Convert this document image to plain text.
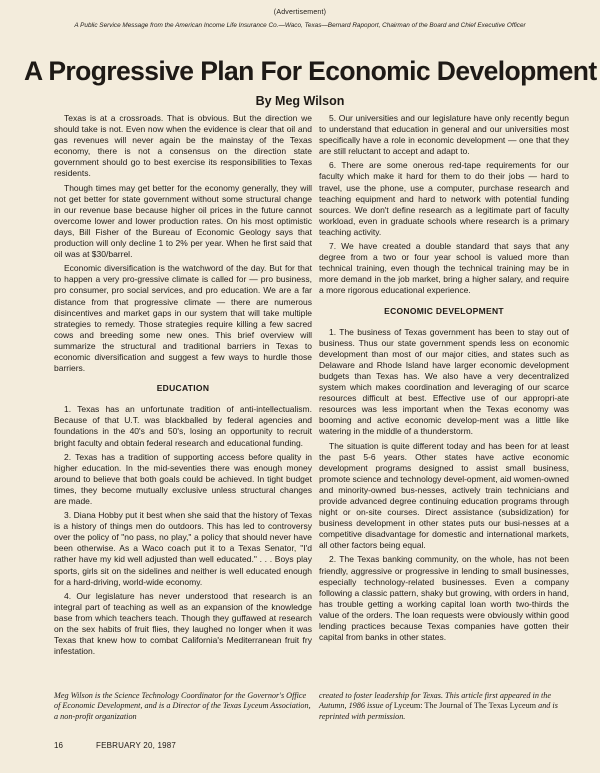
(Advertisement)
A Public Service Message from the American Income Life Insurance Co.—Waco, Texas—Bernard Rapoport, Chairman of the Board and Chief Executive Officer
A Progressive Plan For Economic Development
By Meg Wilson

Texas is at a crossroads. That is obvious. But the direction we should take is not. Even now when the evidence is clear that oil and gas revenues will never again be the mainstay of the Texas economy, there is not a consensus on the direction state government should go to best exercise its responsibilities to Texas residents.

Though times may get better for the economy generally, they will not get better for state government without some structural change in our revenue base because higher oil prices in the future cannot overcome lower and lower production rates. On his most optimistic days, Bill Fisher of the Bureau of Economic Geology says that production will only decline 1 to 2% per year. When he first said that oil was at $30/barrel.

Economic diversification is the watchword of the day. But for that to happen a very pro-gressive climate is called for — pro business, pro consumer, pro social services, and pro education. We are a far distance from that progressive climate — there are numerous disincentives and market gaps in our system that will take multiple strategies to remedy. Those strategies require killing a few sacred cows and breeding some new ones. This brief overview will summarize the structural and traditional barriers in Texas to economic diversification and suggest a few ways to hurdle those barriers.

EDUCATION

1. Texas has an unfortunate tradition of anti-intellectualism. Because of that U.T. was blackballed by federal agencies and foundations in the 40's and 50's, losing an opportunity to recruit bright faculty and obtain federal research and educational funding.

2. Texas has a tradition of supporting access before quality in higher education. In the mid-seventies there was enough money around to believe that both goals could be achieved. In tight budget times, they become mutually exclusive unless structural changes are made.

3. Diana Hobby put it best when she said that the history of Texas is a history of things men do outdoors. This has led to controversy over the policy of "no pass, no play," a policy that should never have been otherwise. As a Waco coach put it to a Texas Senator, "I'd rather have my kid well adjusted than well educated." . . . Boys play sports, girls sit on the sidelines and neither is well educated enough for a hard-driving, world-wide economy.

4. Our legislature has never understood that research is an integral part of teaching as well as an expansion of the knowledge base from which teachers teach. Though they guffawed at research on the sex habits of fruit flies, they laughed no longer when it was Texas that knew how to combat California's Mediterranean fruit fry infestation.

5. Our universities and our legislature have only recently begun to understand that education in general and our universities most specifically have a role in economic development — one that they are still reluctant to accept and adapt to.

6. There are some onerous red-tape requirements for our faculty which make it hard for them to do their jobs — hard to travel, use the phone, use a computer, purchase research and teaching equipment and hard to network with potential funding sources. We don't define research as a legitimate part of faculty workload, even in graduate schools where research is a primary teaching activity.

7. We have created a double standard that says that any degree from a two or four year school is valued more than technical training, even though the technical training may be in more demand in the job market, bring a higher salary, and require a more rigorous educational experience.

ECONOMIC DEVELOPMENT

1. The business of Texas government has been to stay out of business. Thus our state government spends less on economic development than most of our major cities, and states such as Delaware and Rhode Island have larger economic development budgets than Texas has. We also have a very decentralized system which makes coordination and leveraging of our scarce resources difficult at best. Effective use of our appropri-ate resources was less important when the Texas economy was booming and active economic develop-ment was a little like watering in the middle of a thunderstorm.

The situation is quite different today and has been for at least the past 5-6 years. Other states have active economic development programs designed to assist small business, promote science and technology devel-opment, aid women-owned and minority-owned bus-nesses, actively train technicians and provide advanced degree continuing education programs through night or on-site courses. Direct assistance (subsidization) for business development in other states puts our busi-nesses at a competitive disadvantage for domestic and international markets, all other factors being equal.

2. The Texas banking community, on the whole, has not been friendly, aggressive or progressive in lending to small businesses, especially technology-related businesses. Even a company following a classic pattern, shaky but growing, with orders in hand, has trouble getting a working capital loan worth two-thirds the value of the orders. The loan requests were obviously within good lending practices because Texas companies have gotten their capital from banks in other states.

Meg Wilson is the Science Technology Coordinator for the Governor's Office of Economic Development, and is a Director of the Texas Lyceum Association, a non-profit organization
created to foster leadership for Texas. This article first appeared in the Autumn, 1986 issue of Lyceum: The Journal of The Texas Lyceum and is reprinted with permission.
16	FEBRUARY 20, 1987
